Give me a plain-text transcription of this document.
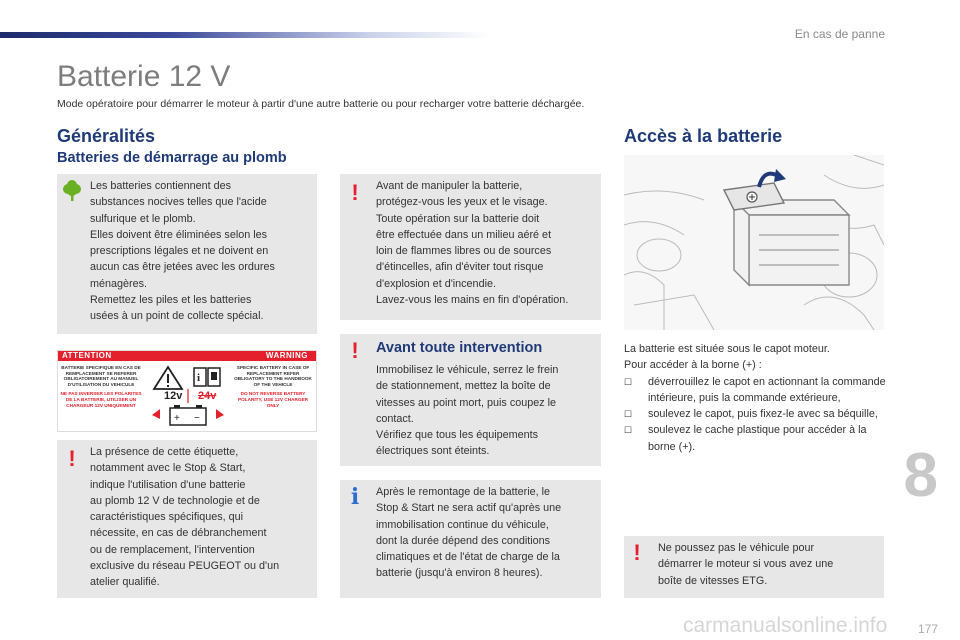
En cas de panne
8
Batterie 12 V
Mode opératoire pour démarrer le moteur à partir d'une autre batterie ou pour recharger votre batterie déchargée.
Généralités
Batteries de démarrage au plomb
Les batteries contiennent des
substances nocives telles que l'acide
sulfurique et le plomb.
Elles doivent être éliminées selon les
prescriptions légales et ne doivent en
aucun cas être jetées avec les ordures
ménagères.
Remettez les piles et les batteries
usées à un point de collecte spécial.
ATTENTION	WARNING
BATTERIE SPECIFIQUE EN CAS DE REMPLACEMENT SE REFERER OBLIGATOIREMENT AU MANUEL D'UTILISATION DU VEHICULE
NE PAS INVERSER LES POLARITES DE LA BATTERIE, UTILISER UN CHARGEUR 12V UNIQUEMENT
i
+ −
12v 24v
SPECIFIC BATTERY IN CASE OF REPLACEMENT REFER OBLIGATORY TO THE HANDBOOK OF THE VEHICLE
DO NOT REVERSE BATTERY POLARITY, USE 12V CHARGER ONLY
!	La présence de cette étiquette,
notamment avec le Stop & Start,
indique l'utilisation d'une batterie
au plomb 12 V de technologie et de
caractéristiques spécifiques, qui
nécessite, en cas de débranchement
ou de remplacement, l'intervention
exclusive du réseau PEUGEOT ou d'un
atelier qualifié.
!	Avant de manipuler la batterie,
protégez-vous les yeux et le visage.
Toute opération sur la batterie doit
être effectuée dans un milieu aéré et
loin de flammes libres ou de sources
d'étincelles, afin d'éviter tout risque
d'explosion et d'incendie.
Lavez-vous les mains en fin d'opération.
! Avant toute intervention
Immobilisez le véhicule, serrez le frein
de stationnement, mettez la boîte de
vitesses au point mort, puis coupez le
contact.
Vérifiez que tous les équipements
électriques sont éteints.
i Après le remontage de la batterie, le
Stop & Start ne sera actif qu'après une
immobilisation continue du véhicule,
dont la durée dépend des conditions
climatiques et de l'état de charge de la
batterie (jusqu'à environ 8 heures).
Accès à la batterie
La batterie est située sous le capot moteur.
Pour accéder à la borne (+) :
☐ déverrouillez le capot en actionnant la commande intérieure, puis la commande extérieure,
☐ soulevez le capot, puis fixez-le avec sa béquille,
☐ soulevez le cache plastique pour accéder à la borne (+).
!	Ne poussez pas le véhicule pour
démarrer le moteur si vous avez une
boîte de vitesses ETG.
carmanualsonline.info	177
